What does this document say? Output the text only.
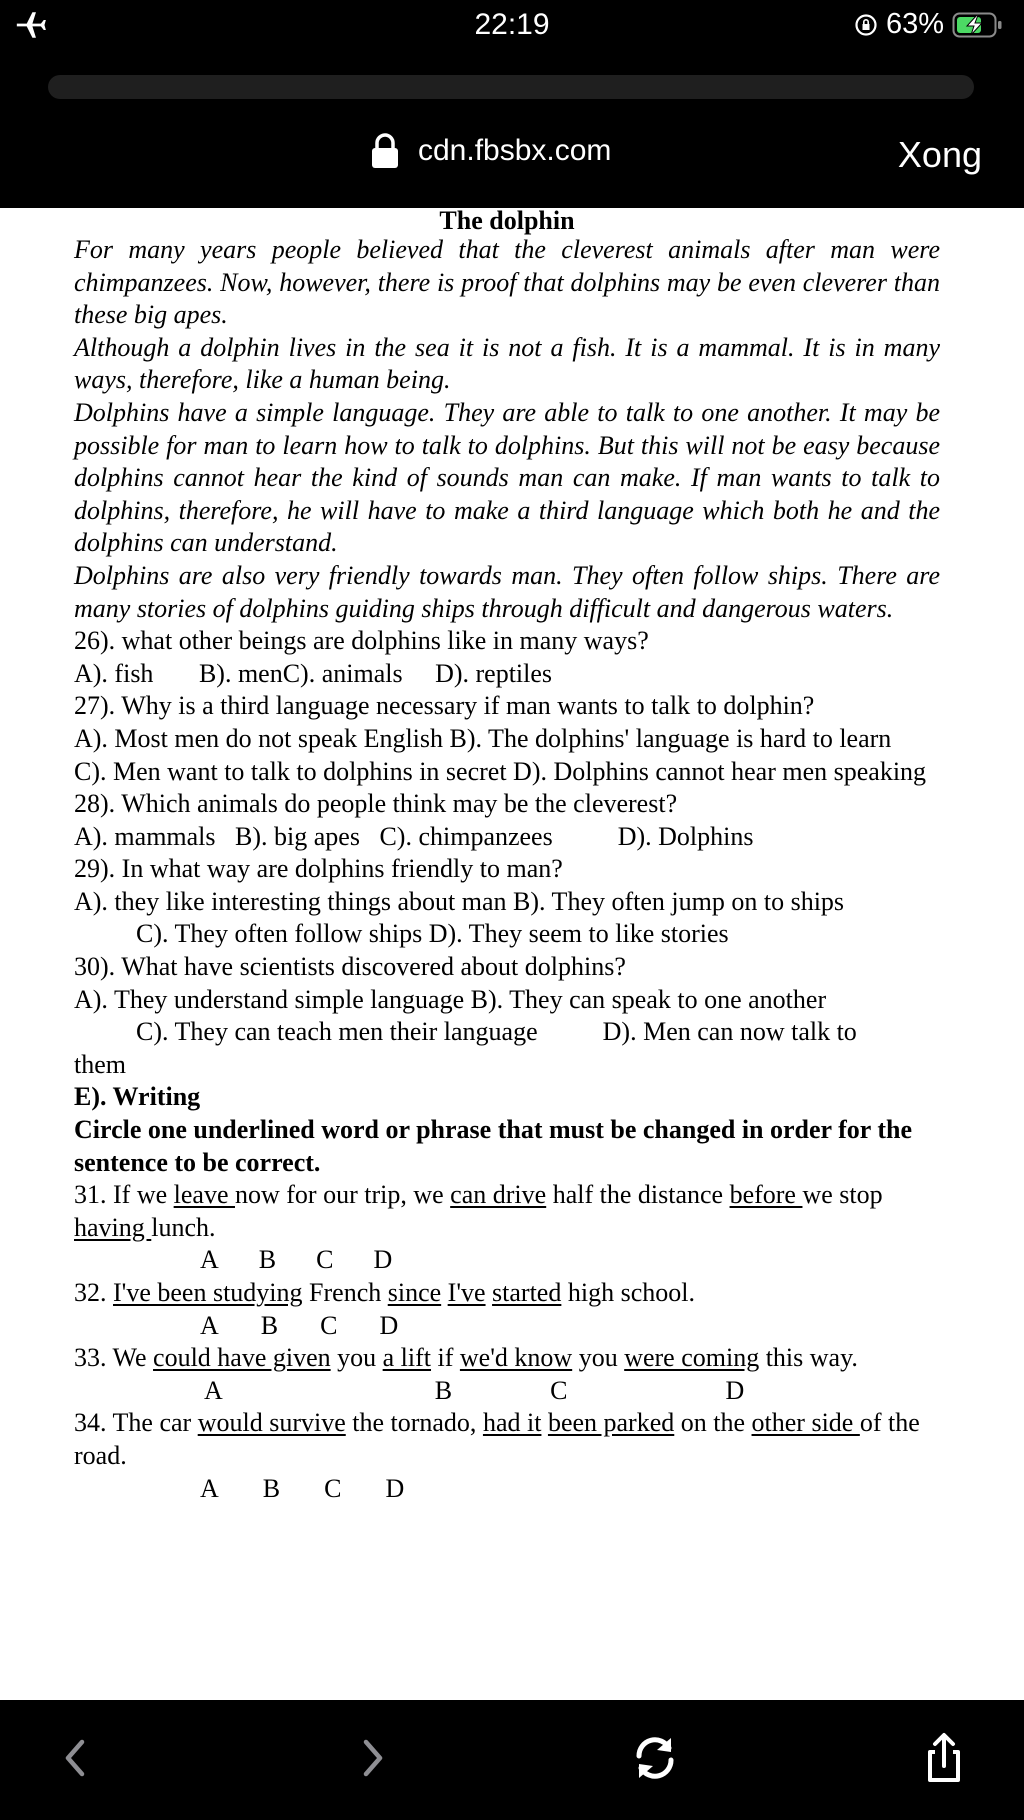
22:19	63%
cdn.fbsbx.com	Xong
The dolphin

For many years people believed that the cleverest animals after man were chimpanzees. Now, however, there is proof that dolphins may be even cleverer than these big apes.

Although a dolphin lives in the sea it is not a fish. It is a mammal. It is in many ways, therefore, like a human being.

Dolphins have a simple language. They are able to talk to one another. It may be possible for man to learn how to talk to dolphins. But this will not be easy because dolphins cannot hear the kind of sounds man can make. If man wants to talk to dolphins, therefore, he will have to make a third language which both he and the dolphins can understand.

Dolphins are also very friendly towards man. They often follow ships. There are many stories of dolphins guiding ships through difficult and dangerous waters.

26). what other beings are dolphins like in many ways?

A). fish B). menC). animals D). reptiles

27). Why is a third language necessary if man wants to talk to dolphin?

A). Most men do not speak English B). The dolphins' language is hard to learn

C). Men want to talk to dolphins in secret D). Dolphins cannot hear men speaking

28). Which animals do people think may be the cleverest?

A). mammals B). big apes C). chimpanzees	D). Dolphins

29). In what way are dolphins friendly to man?

A). they like interesting things about man B). They often jump on to ships

C). They often follow ships D). They seem to like stories

30). What have scientists discovered about dolphins?

A). They understand simple language B). They can speak to one another

C). They can teach men their language	D). Men can now talk to

them

E). Writing

Circle one underlined word or phrase that must be changed in order for the sentence to be correct.

31. If we leave now for our trip, we can drive half the distance before we stop having lunch.

A B C D

32. I've been studying French since I've started high school.

A B C D

33. We could have given you a lift if we'd know you were coming this way.

A	B	C	D

34. The car would survive the tornado, had it been parked on the other side of the road.

A B C D
